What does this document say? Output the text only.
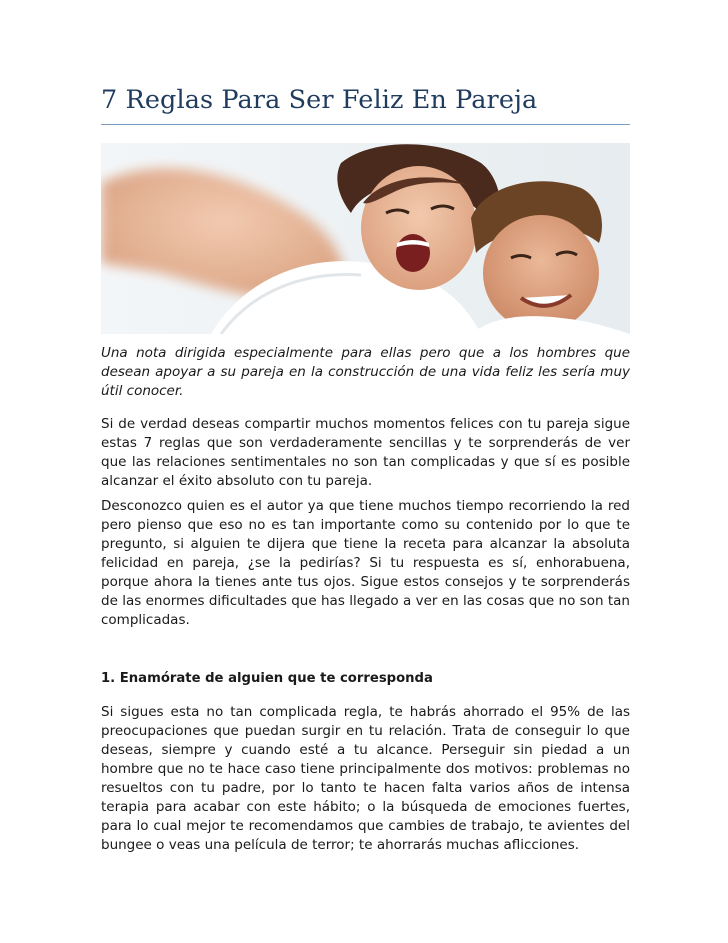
7 Reglas Para Ser Feliz En Pareja

Una nota dirigida especialmente para ellas pero que a los hombres que desean apoyar a su pareja en la construcción de una vida feliz les sería muy útil conocer.

Si de verdad deseas compartir muchos momentos felices con tu pareja sigue estas 7 reglas que son verdaderamente sencillas y te sorprenderás de ver que las relaciones sentimentales no son tan complicadas y que sí es posible alcanzar el éxito absoluto con tu pareja.

Desconozco quien es el autor ya que tiene muchos tiempo recorriendo la red pero pienso que eso no es tan importante como su contenido por lo que te pregunto, si alguien te dijera que tiene la receta para alcanzar la absoluta felicidad en pareja, ¿se la pedirías? Si tu respuesta es sí, enhorabuena, porque ahora la tienes ante tus ojos. Sigue estos consejos y te sorprenderás de las enormes dificultades que has llegado a ver en las cosas que no son tan complicadas.

1. Enamórate de alguien que te corresponda

Si sigues esta no tan complicada regla, te habrás ahorrado el 95% de las preocupaciones que puedan surgir en tu relación. Trata de conseguir lo que deseas, siempre y cuando esté a tu alcance. Perseguir sin piedad a un hombre que no te hace caso tiene principalmente dos motivos: problemas no resueltos con tu padre, por lo tanto te hacen falta varios años de intensa terapia para acabar con este hábito; o la búsqueda de emociones fuertes, para lo cual mejor te recomendamos que cambies de trabajo, te avientes del bungee o veas una película de terror; te ahorrarás muchas aflicciones.
